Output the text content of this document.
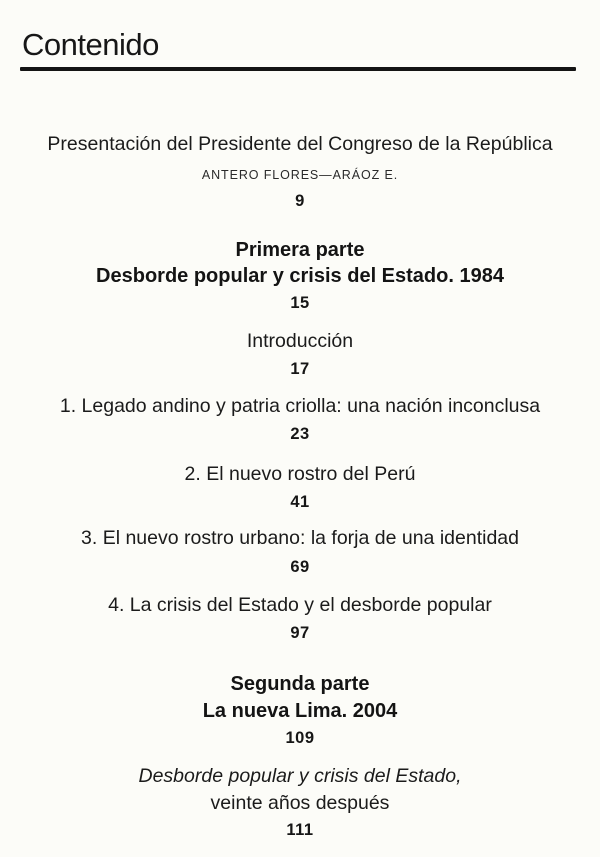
Contenido
Presentación del Presidente del Congreso de la República
ANTERO FLORES—ARÁOZ E.
9
Primera parte
Desborde popular y crisis del Estado. 1984
15
Introducción
17
1. Legado andino y patria criolla: una nación inconclusa
23
2. El nuevo rostro del Perú
41
3. El nuevo rostro urbano: la forja de una identidad
69
4. La crisis del Estado y el desborde popular
97
Segunda parte
La nueva Lima. 2004
109
Desborde popular y crisis del Estado,
veinte años después
111
